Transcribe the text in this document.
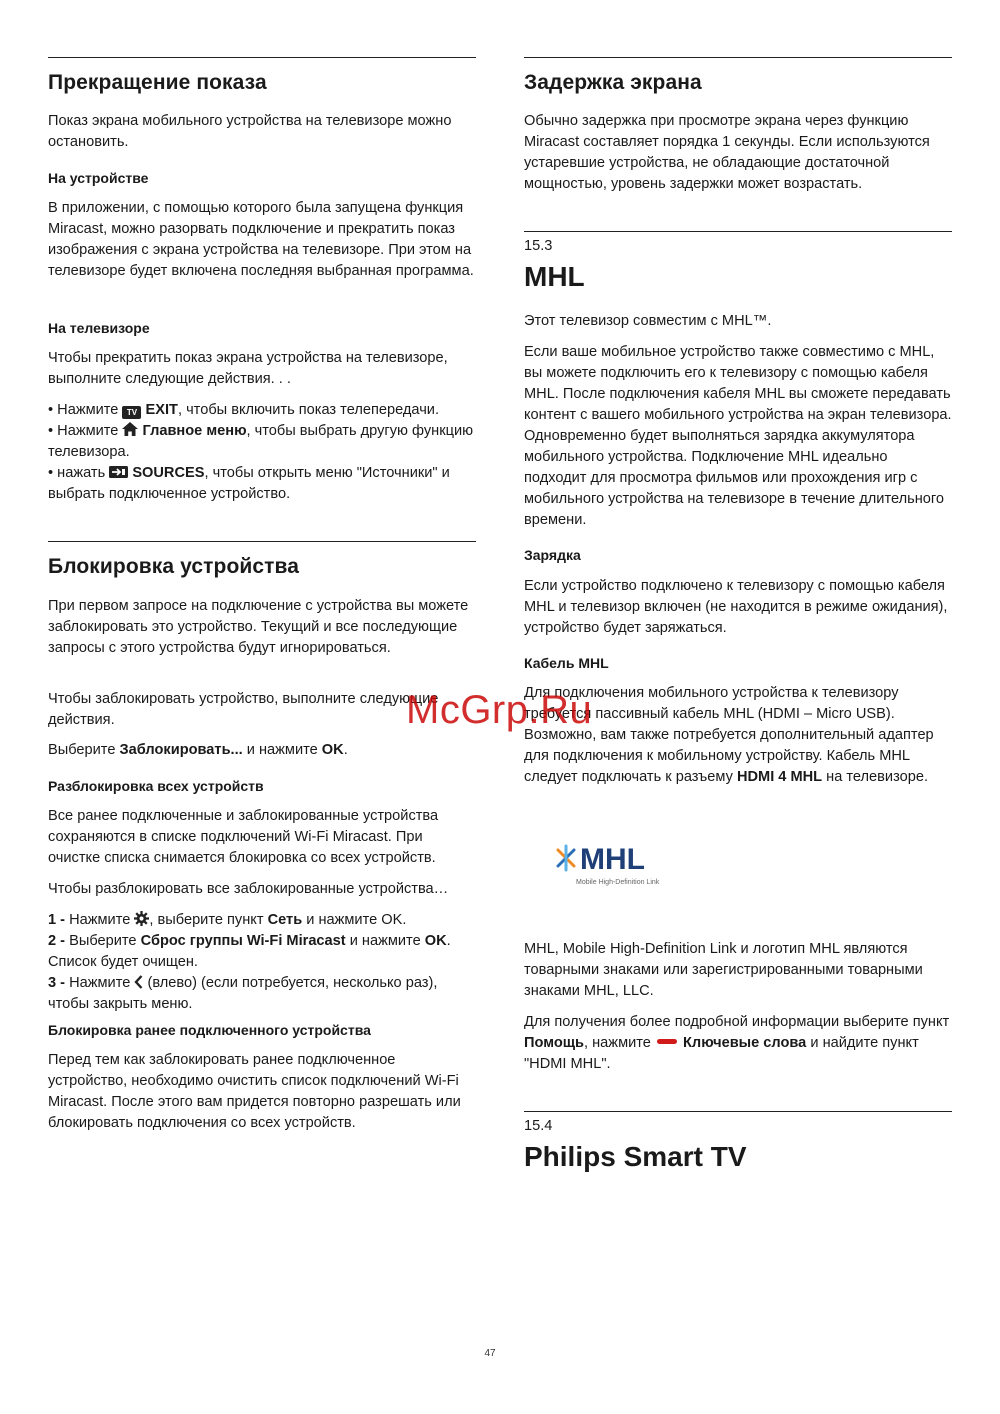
Прекращение показа

Показ экрана мобильного устройства на телевизоре можно остановить.

На устройстве

В приложении, с помощью которого была запущена функция Miracast, можно разорвать подключение и прекратить показ изображения с экрана устройства на телевизоре. При этом на телевизоре будет включена последняя выбранная программа.

На телевизоре

Чтобы прекратить показ экрана устройства на телевизоре, выполните следующие действия. . .

• Нажмите TV EXIT, чтобы включить показ телепередачи.

• Нажмите Главное меню, чтобы выбрать другую функцию телевизора.

• нажать SOURCES, чтобы открыть меню "Источники" и выбрать подключенное устройство.

Блокировка устройства

При первом запросе на подключение с устройства вы можете заблокировать это устройство. Текущий и все последующие запросы с этого устройства будут игнорироваться.

Чтобы заблокировать устройство, выполните следующие действия.

Выберите Заблокировать... и нажмите OK.

Разблокировка всех устройств

Все ранее подключенные и заблокированные устройства сохраняются в списке подключений Wi-Fi Miracast. При очистке списка снимается блокировка со всех устройств.

Чтобы разблокировать все заблокированные устройства…

1 - Нажмите , выберите пункт Сеть и нажмите OK.

2 - Выберите Сброс группы Wi-Fi Miracast и нажмите OK. Список будет очищен.

3 - Нажмите (влево) (если потребуется, несколько раз), чтобы закрыть меню.

Блокировка ранее подключенного устройства

Перед тем как заблокировать ранее подключенное устройство, необходимо очистить список подключений Wi-Fi Miracast. После этого вам придется повторно разрешать или блокировать подключения со всех устройств.

Задержка экрана

Обычно задержка при просмотре экрана через функцию Miracast составляет порядка 1 секунды. Если используются устаревшие устройства, не обладающие достаточной мощностью, уровень задержки может возрастать.

15.3
MHL

Этот телевизор совместим с MHL™.

Если ваше мобильное устройство также совместимо с MHL, вы можете подключить его к телевизору с помощью кабеля MHL. После подключения кабеля MHL вы сможете передавать контент с вашего мобильного устройства на экран телевизора. Одновременно будет выполняться зарядка аккумулятора мобильного устройства. Подключение MHL идеально подходит для просмотра фильмов или прохождения игр с мобильного устройства на телевизоре в течение длительного времени.

Зарядка

Если устройство подключено к телевизору с помощью кабеля MHL и телевизор включен (не находится в режиме ожидания), устройство будет заряжаться.

Кабель MHL

Для подключения мобильного устройства к телевизору требуется пассивный кабель MHL (HDMI – Micro USB). Возможно, вам также потребуется дополнительный адаптер для подключения к мобильному устройству. Кабель MHL следует подключать к разъему HDMI 4 MHL на телевизоре.

MHL
Mobile High-Definition Link

MHL, Mobile High-Definition Link и логотип MHL являются товарными знаками или зарегистрированными товарными знаками MHL, LLC.

Для получения более подробной информации выберите пункт Помощь, нажмите Ключевые слова и найдите пункт "HDMI MHL".

15.4
Philips Smart TV
McGrp.Ru
47
